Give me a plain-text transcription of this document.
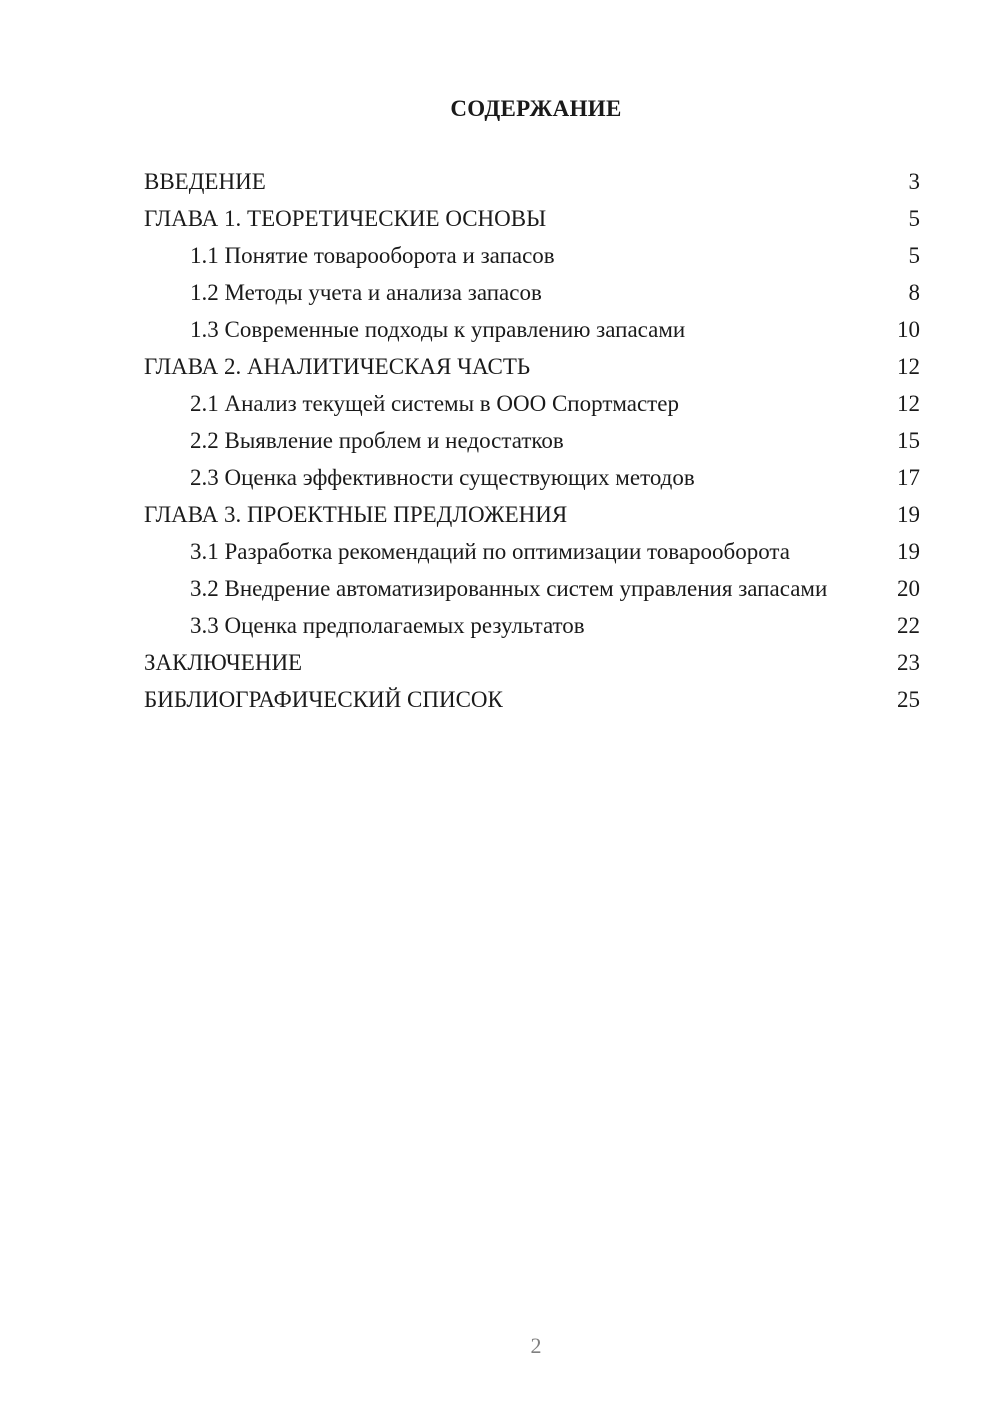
СОДЕРЖАНИЕ
ВВЕДЕНИЕ	3
ГЛАВА 1. ТЕОРЕТИЧЕСКИЕ ОСНОВЫ	5
1.1 Понятие товарооборота и запасов	5
1.2 Методы учета и анализа запасов	8
1.3 Современные подходы к управлению запасами	10
ГЛАВА 2. АНАЛИТИЧЕСКАЯ ЧАСТЬ	12
2.1 Анализ текущей системы в ООО Спортмастер	12
2.2 Выявление проблем и недостатков	15
2.3 Оценка эффективности существующих методов	17
ГЛАВА 3. ПРОЕКТНЫЕ ПРЕДЛОЖЕНИЯ	19
3.1 Разработка рекомендаций по оптимизации товарооборота	19
3.2 Внедрение автоматизированных систем управления запасами	20
3.3 Оценка предполагаемых результатов	22
ЗАКЛЮЧЕНИЕ	23
БИБЛИОГРАФИЧЕСКИЙ СПИСОК	25
2
